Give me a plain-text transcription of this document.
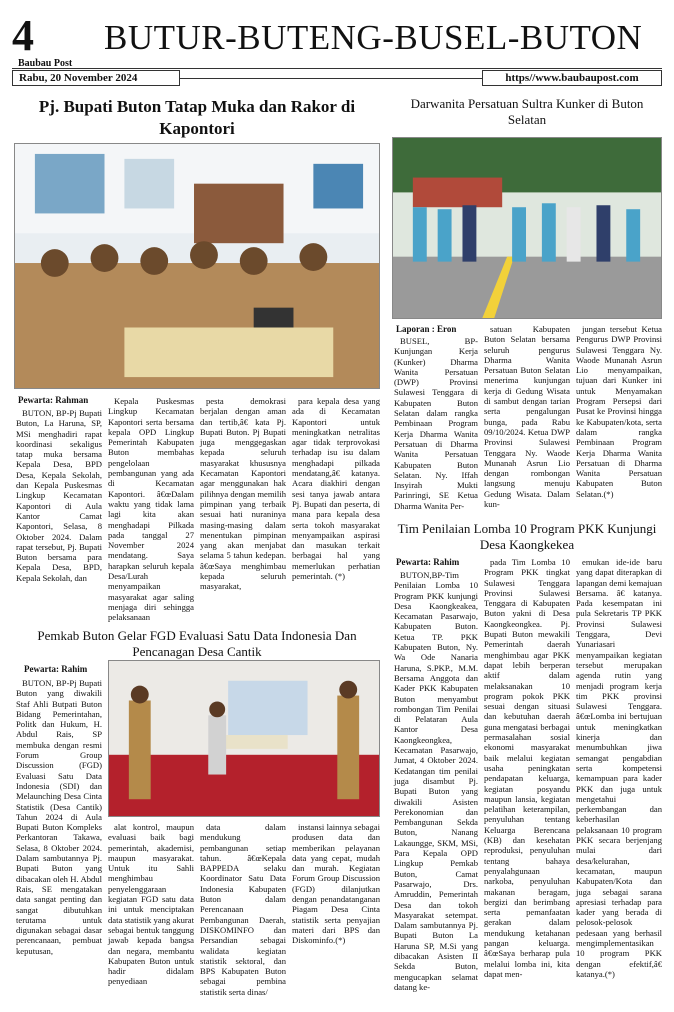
4
Baubau Post
BUTUR-BUTENG-BUSEL-BUTON
Rabu, 20 November 2024	https//www.baubaupost.com
Pj. Bupati Buton Tatap Muka dan Rakor di Kapontori
Pewarta: Rahman

BUTON, BP-Pj Bupati Buton, La Haruna, SP, MSi menghadiri rapat koordinasi sekaligus tatap muka bersama Kepala Desa, BPD Desa, Kepala Sekolah, dan Kepala Puskesmas Lingkup Kecamatan Kapontori di Aula Kantor Camat Kapontori, Selasa, 8 Oktober 2024. Dalam rapat tersebut, Pj. Bupati Buton bersama para Kepala Desa, BPD, Kepala Sekolah, dan

Kepala Puskesmas Lingkup Kecamatan Kapontori serta bersama kepala OPD Lingkup Pemerintah Kabupaten Buton membahas pengelolaan pembangunan yang ada di Kecamatan Kapontori. â€œDalam waktu yang tidak lama lagi kita akan menghadapi Pilkada pada tanggal 27 November 2024 mendatang. Saya harapkan seluruh kepala Desa/Lurah menyampaikan masyarakat agar saling menjaga diri sehingga pelaksanaan

pesta demokrasi berjalan dengan aman dan tertib,â€ kata Pj. Bupati Buton. Pj Bupati juga menggegaskan kepada seluruh masyarakat khususnya Kecamatan Kapontori agar menggunakan hak pilihnya dengan memilih pimpinan yang terbaik sesuai hati nuraninya masing-masing dalam menentukan pimpinan yang akan menjabat selama 5 tahun kedepan. â€œSaya menghimbau kepada seluruh masyarakat,

para kepala desa yang ada di Kecamatan Kapontori untuk meningkatkan netralitas agar tidak terprovokasi terhadap isu isu dalam menghadapi pilkada mendatang,â€ katanya. Acara diakhiri dengan sesi tanya jawab antara Pj. Bupati dan peserta, di mana para kepala desa serta tokoh masyarakat menyampaikan aspirasi dan masukan terkait berbagai hal yang memerlukan perhatian pemerintah. (*)

Darwanita Persatuan Sultra Kunker di Buton Selatan
Laporan : Eron

BUSEL, BP-Kunjungan Kerja (Kunker) Dharma Wanita Persatuan (DWP) Provinsi Sulawesi Tenggara di Kabupaten Buton Selatan dalam rangka Pembinaan Program Kerja Dharma Wanita Persatuan di Dharma Wanita Persatuan Kabupaten Buton Selatan. Ny. Iffah Insyirah Mukti Parinringi, SE Ketua Dharma Wanita Per-

satuan Kabupaten Buton Selatan bersama seluruh pengurus Dharma Wanita Persatuan Buton Selatan menerima kunjungan kerja di Gedung Wisata di sambut dengan tarian serta pengalungan bunga, pada Rabu 09/10/2024. Ketua DWP Provinsi Sulawesi Tenggara Ny. Waode Munanah Asrun Lio dengan rombongan langsung menuju Gedung Wisata. Dalam kun-

jungan tersebut Ketua Pengurus DWP Provinsi Sulawesi Tenggara Ny. Waode Munanah Asrun Lio menyampaikan, tujuan dari Kunker ini untuk Menyamakan Program Persepsi dari Pusat ke Provinsi hingga ke Kabupaten/kota, serta dalam rangka Pembinaan Program Kerja Dharma Wanita Persatuan di Dharma Wanita Persatuan Kabupaten Buton Selatan.(*)

Tim Penilaian Lomba 10 Program PKK Kunjungi Desa Kaongkekea
Pewarta: Rahim

BUTON,BP-Tim Penilaian Lomba 10 Program PKK kunjungi Desa Kaongkeakea, Kecamatan Pasarwajo, Kabupaten Buton. Ketua TP. PKK Kabupaten Buton, Ny. Wa Ode Nanaria Haruna, S.PKP., M.M. Bersama Anggota dan Kader PKK Kabupaten Buton menyambut rombongan Tim Penilai di Pelataran Aula Kantor Desa Kaongkeongkea, Kecamatan Pasarwajo, Jumat, 4 Oktober 2024. Kedatangan tim penilai juga disambut Pj. Bupati Buton yang diwakili Asisten Perekonomian dan Pembangunan Sekda Buton, Nanang Lakaungge, SKM, MSi, Para Kepala OPD Lingkup Pemkab Buton, Camat Pasarwajo, Drs. Amruddin, Pemerintah Desa dan tokoh Masyarakat setempat. Dalam sambutannya Pj. Bupati Buton La Haruna SP, M.Si yang dibacakan Asisten II Sekda Buton, mengucapkan selamat datang ke-

pada Tim Lomba 10 Program PKK tingkat Sulawesi Tenggara Provinsi Sulawesi Tenggara di Kabupaten Buton yakni di Desa Kaongkeongkea. Pj. Bupati Buton mewakili Pemerintah daerah menghimbau agar PKK dapat lebih berperan aktif dalam melaksanakan 10 program pokok PKK sesuai dengan situasi dan kebutuhan daerah guna mengatasi berbagai permasalahan sosial ekonomi masyarakat baik melalui kegiatan usaha peningkatan pendapatan keluarga, kegiatan posyandu maupun lansia, kegiatan pelatihan keterampilan, penyuluhan tentang Keluarga Berencana (KB) dan kesehatan reproduksi, penyuluhan tentang bahaya penyalahgunaan narkoba, penyuluhan makanan beragam, bergizi dan berimbang serta pemanfaatan gerakan dalam mendukung ketahanan pangan keluarga. â€œSaya berharap pula melalui lomba ini, kita dapat men-

emukan ide-ide baru yang dapat diterapkan di lapangan demi kemajuan Bersama. â€ katanya. Pada kesempatan ini pula Sekretaris TP PKK Provinsi Sulawesi Tenggara, Devi Yunariasari menyampaikan kegiatan tersebut merupakan agenda rutin yang menjadi program kerja tim PKK provinsi Sulawesi Tenggara. â€œLomba ini bertujuan untuk meningkatkan kinerja dan menumbuhkan jiwa semangat pengabdian serta kompetensi kemampuan para kader PKK dan juga untuk mengetahui perkembangan dan keberhasilan pelaksanaan 10 program PKK secara berjenjang mulai dari desa/kelurahan, kecamatan, maupun Kabupaten/Kota dan juga sebagai sarana apresiasi terhadap para kader yang berada di pelosok-pelosok pedesaan yang berhasil mengimplementasikan 10 program PKK dengan efektif,â€ katanya.(*)

Pemkab Buton Gelar FGD Evaluasi Satu Data Indonesia Dan Pencanagan Desa Cantik
Pewarta: Rahim

BUTON, BP-Pj Bupati Buton yang diwakili Staf Ahli Butpati Buton Bidang Pemerintahan, Politk dan Hukum, H. Abdul Rais, SP membuka dengan resmi Forum Group Discussion (FGD) Evaluasi Satu Data Indonesia (SDI) dan Melaunching Desa Cinta Statistik (Desa Cantik) Tahun 2024 di Aula Bupati Buton Kompleks Perkantoran Takawa, Selasa, 8 Oktober 2024. Dalam sambutannya Pj. Bupati Buton yang dibacakan oleh H. Abdul Rais, SE mengatakan data sangat penting dan sangat dibutuhkan terutama untuk digunakan sebagai dasar perencanaan, pembuat keputusan,

alat kontrol, maupun evaluasi baik bagi pemerintah, akademisi, maupun masyarakat. Untuk itu Sahli menghimbau penyelenggaraan kegiatan FGD satu data ini untuk menciptakan data statistik yang akurat sebagai bentuk tanggung jawab kepada bangsa dan negara, membantu Kabupaten Buton untuk hadir didalam penyediaan

data dalam mendukung pembangunan setiap tahun. â€œKepala BAPPEDA selaku Koordinator Satu Data Indonesia Kabupaten Buton dalam Perencanaan Pembangunan Daerah, DISKOMINFO dan Persandian sebagai walidata kegiatan statistik sektoral, dan BPS Kabupaten Buton sebagai pembina statistik serta dinas/

instansi lainnya sebagai produsen data dan memberikan pelayanan data yang cepat, mudah dan murah. Kegiatan Forum Group Discussion (FGD) dilanjutkan dengan penandatanganan Piagam Desa Cinta statistik serta penyajian materi dari BPS dan Diskominfo.(*)
